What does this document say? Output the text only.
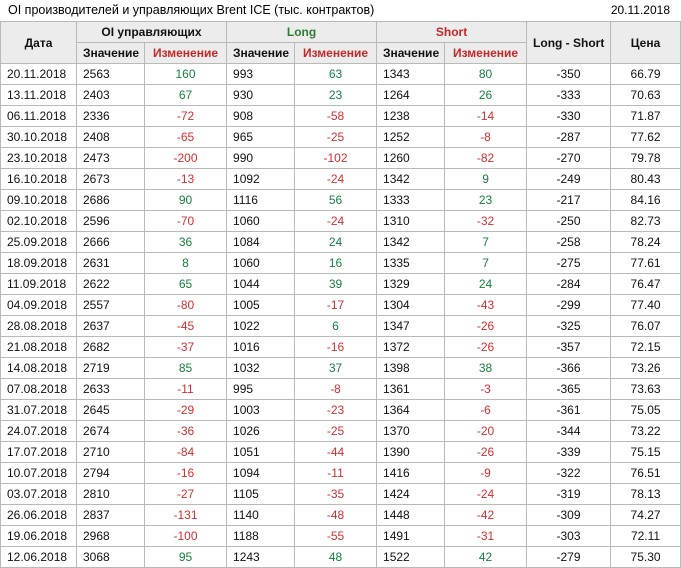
OI производителей и управляющих Brent ICE (тыс. контрактов)	20.11.2018
Дата	OI управляющих		Long		Short		Long - Short	Цена
	Значение	Изменение	Значение	Изменение	Значение	Изменение		
20.11.2018	2563	160	993	63	1343	80	-350	66.79
13.11.2018	2403	67	930	23	1264	26	-333	70.63
06.11.2018	2336	-72	908	-58	1238	-14	-330	71.87
30.10.2018	2408	-65	965	-25	1252	-8	-287	77.62
23.10.2018	2473	-200	990	-102	1260	-82	-270	79.78
16.10.2018	2673	-13	1092	-24	1342	9	-249	80.43
09.10.2018	2686	90	1116	56	1333	23	-217	84.16
02.10.2018	2596	-70	1060	-24	1310	-32	-250	82.73
25.09.2018	2666	36	1084	24	1342	7	-258	78.24
18.09.2018	2631	8	1060	16	1335	7	-275	77.61
11.09.2018	2622	65	1044	39	1329	24	-284	76.47
04.09.2018	2557	-80	1005	-17	1304	-43	-299	77.40
28.08.2018	2637	-45	1022	6	1347	-26	-325	76.07
21.08.2018	2682	-37	1016	-16	1372	-26	-357	72.15
14.08.2018	2719	85	1032	37	1398	38	-366	73.26
07.08.2018	2633	-11	995	-8	1361	-3	-365	73.63
31.07.2018	2645	-29	1003	-23	1364	-6	-361	75.05
24.07.2018	2674	-36	1026	-25	1370	-20	-344	73.22
17.07.2018	2710	-84	1051	-44	1390	-26	-339	75.15
10.07.2018	2794	-16	1094	-11	1416	-9	-322	76.51
03.07.2018	2810	-27	1105	-35	1424	-24	-319	78.13
26.06.2018	2837	-131	1140	-48	1448	-42	-309	74.27
19.06.2018	2968	-100	1188	-55	1491	-31	-303	72.11
12.06.2018	3068	95	1243	48	1522	42	-279	75.30
